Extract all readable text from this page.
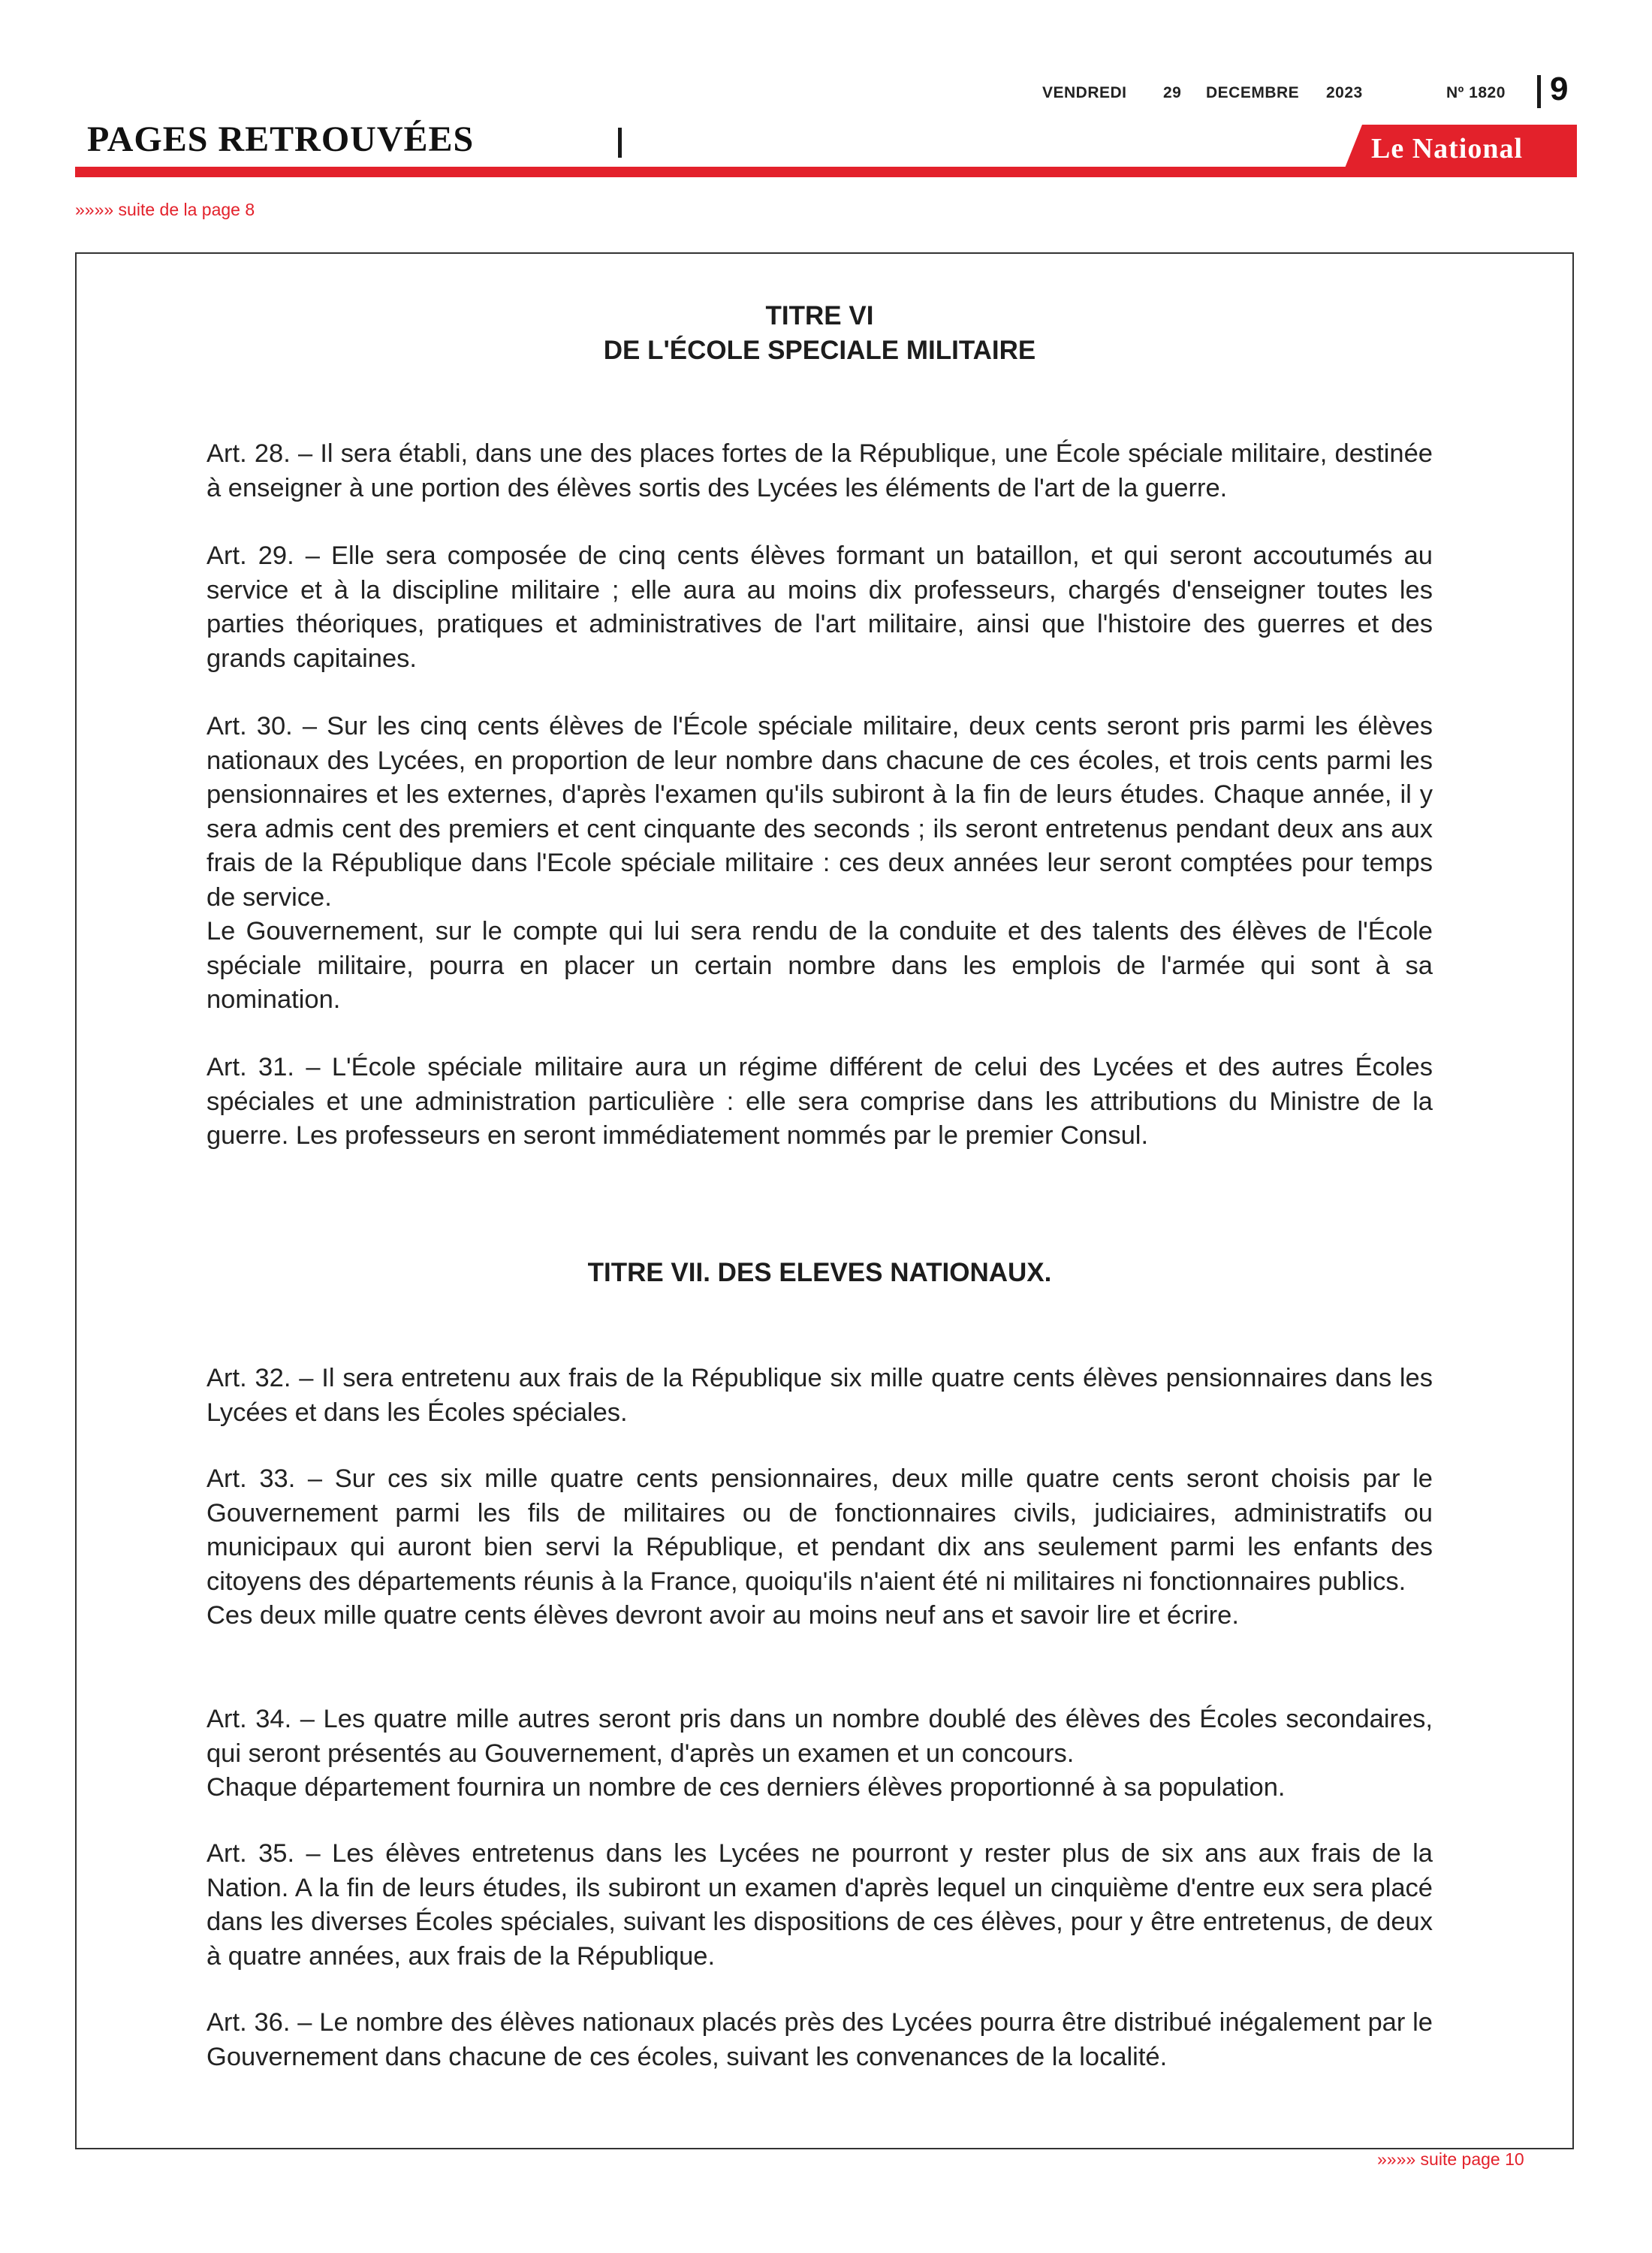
VENDREDI 29 DECEMBRE 2023	Nº 1820 9
PAGES RETROUVÉES	Le National
»»»» suite de la page 8
TITRE VI
DE L'ÉCOLE SPECIALE MILITAIRE

Art. 28. – Il sera établi, dans une des places fortes de la République, une École spéciale militaire, destinée à enseigner à une portion des élèves sortis des Lycées les éléments de l'art de la guerre.

Art. 29. – Elle sera composée de cinq cents élèves formant un bataillon, et qui seront accoutumés au service et à la discipline militaire ; elle aura au moins dix professeurs, chargés d'enseigner toutes les parties théoriques, pratiques et administratives de l'art militaire, ainsi que l'histoire des guerres et des grands capitaines.

Art. 30. – Sur les cinq cents élèves de l'École spéciale militaire, deux cents seront pris parmi les élèves nationaux des Lycées, en proportion de leur nombre dans chacune de ces écoles, et trois cents parmi les pensionnaires et les externes, d'après l'examen qu'ils subiront à la fin de leurs études. Chaque année, il y sera admis cent des premiers et cent cinquante des seconds ; ils seront entretenus pendant deux ans aux frais de la République dans l'Ecole spéciale militaire : ces deux années leur seront comptées pour temps de service.

Le Gouvernement, sur le compte qui lui sera rendu de la conduite et des talents des élèves de l'École spéciale militaire, pourra en placer un certain nombre dans les emplois de l'armée qui sont à sa nomination.

Art. 31. – L'École spéciale militaire aura un régime différent de celui des Lycées et des autres Écoles spéciales et une administration particulière : elle sera comprise dans les attributions du Ministre de la guerre. Les professeurs en seront immédiatement nommés par le premier Consul.

TITRE VII. DES ELEVES NATIONAUX.

Art. 32. – Il sera entretenu aux frais de la République six mille quatre cents élèves pensionnaires dans les Lycées et dans les Écoles spéciales.

Art. 33. – Sur ces six mille quatre cents pensionnaires, deux mille quatre cents seront choisis par le Gouvernement parmi les fils de militaires ou de fonctionnaires civils, judiciaires, administratifs ou municipaux qui auront bien servi la République, et pendant dix ans seulement parmi les enfants des citoyens des départements réunis à la France, quoiqu'ils n'aient été ni militaires ni fonctionnaires publics.

Ces deux mille quatre cents élèves devront avoir au moins neuf ans et savoir lire et écrire.

Art. 34. – Les quatre mille autres seront pris dans un nombre doublé des élèves des Écoles secondaires, qui seront présentés au Gouvernement, d'après un examen et un concours.

Chaque département fournira un nombre de ces derniers élèves proportionné à sa population.

Art. 35. – Les élèves entretenus dans les Lycées ne pourront y rester plus de six ans aux frais de la Nation. A la fin de leurs études, ils subiront un examen d'après lequel un cinquième d'entre eux sera placé dans les diverses Écoles spéciales, suivant les dispositions de ces élèves, pour y être entretenus, de deux à quatre années, aux frais de la République.

Art. 36. – Le nombre des élèves nationaux placés près des Lycées pourra être distribué inégalement par le Gouvernement dans chacune de ces écoles, suivant les convenances de la localité.

»»»» suite page 10
